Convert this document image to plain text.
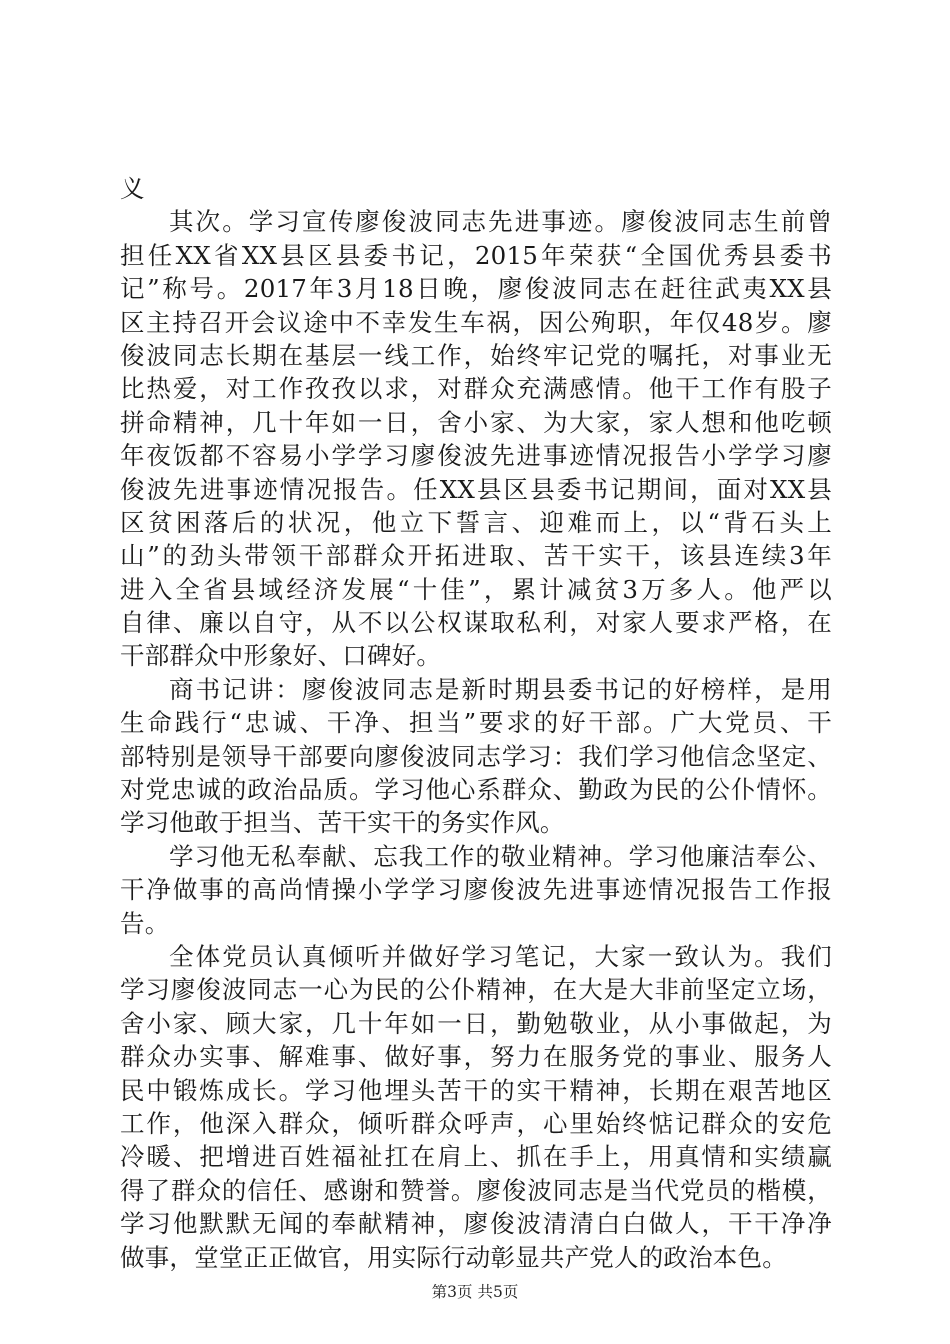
义
其次。学习宣传廖俊波同志先进事迹。廖俊波同志生前曾
担任XX省XX县区县委书记，2015年荣获“全国优秀县委书
记”称号。2017年3月18日晚，廖俊波同志在赶往武夷XX县
区主持召开会议途中不幸发生车祸，因公殉职，年仅48岁。廖
俊波同志长期在基层一线工作，始终牢记党的嘱托，对事业无
比热爱，对工作孜孜以求，对群众充满感情。他干工作有股子
拼命精神，几十年如一日，舍小家、为大家，家人想和他吃顿
年夜饭都不容易小学学习廖俊波先进事迹情况报告小学学习廖
俊波先进事迹情况报告。任XX县区县委书记期间，面对XX县
区贫困落后的状况，他立下誓言、迎难而上，以“背石头上
山”的劲头带领干部群众开拓进取、苦干实干，该县连续3年
进入全省县域经济发展“十佳”，累计减贫3万多人。他严以
自律、廉以自守，从不以公权谋取私利，对家人要求严格，在
干部群众中形象好、口碑好。
商书记讲：廖俊波同志是新时期县委书记的好榜样，是用
生命践行“忠诚、干净、担当”要求的好干部。广大党员、干
部特别是领导干部要向廖俊波同志学习：我们学习他信念坚定、
对党忠诚的政治品质。学习他心系群众、勤政为民的公仆情怀。
学习他敢于担当、苦干实干的务实作风。
学习他无私奉献、忘我工作的敬业精神。学习他廉洁奉公、
干净做事的高尚情操小学学习廖俊波先进事迹情况报告工作报
告。
全体党员认真倾听并做好学习笔记，大家一致认为。我们
学习廖俊波同志一心为民的公仆精神，在大是大非前坚定立场，
舍小家、顾大家，几十年如一日，勤勉敬业，从小事做起，为
群众办实事、解难事、做好事，努力在服务党的事业、服务人
民中锻炼成长。学习他埋头苦干的实干精神，长期在艰苦地区
工作，他深入群众，倾听群众呼声，心里始终惦记群众的安危
冷暖、把增进百姓福祉扛在肩上、抓在手上，用真情和实绩赢
得了群众的信任、感谢和赞誉。廖俊波同志是当代党员的楷模，
学习他默默无闻的奉献精神，廖俊波清清白白做人，干干净净
做事，堂堂正正做官，用实际行动彰显共产党人的政治本色。
第3页 共5页
